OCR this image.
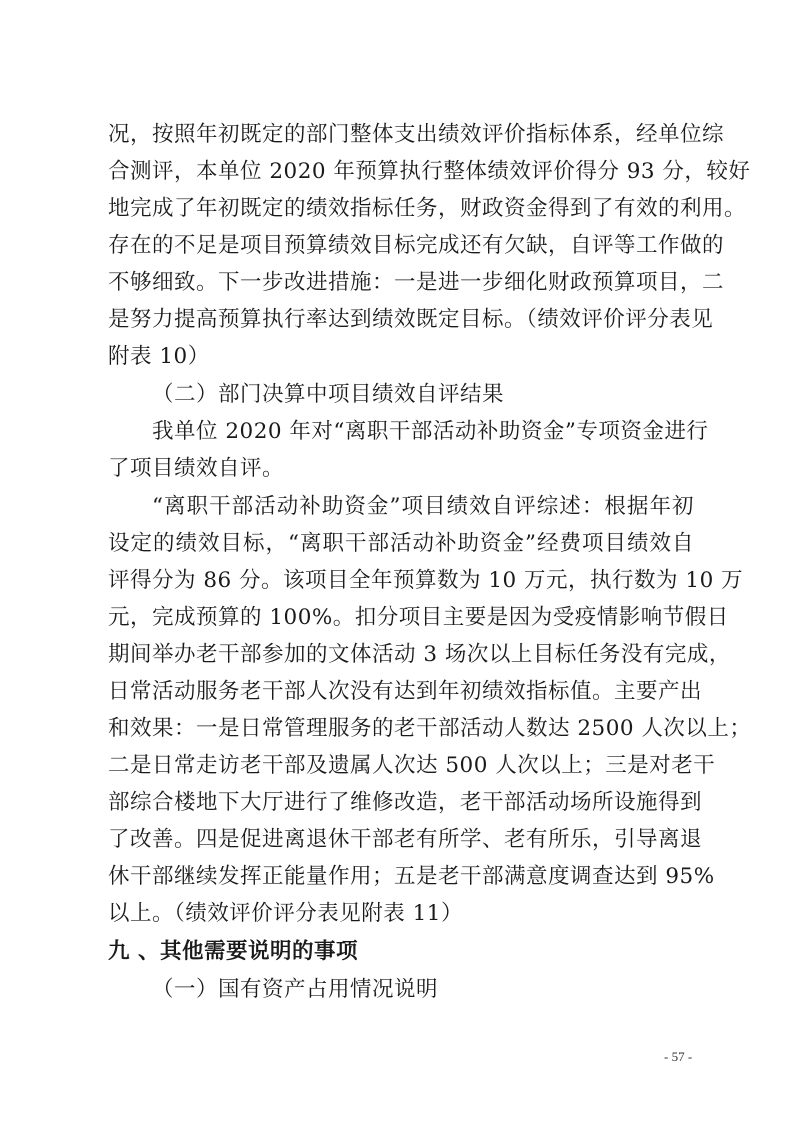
况，按照年初既定的部门整体支出绩效评价指标体系，经单位综
合测评，本单位 2020 年预算执行整体绩效评价得分 93 分，较好
地完成了年初既定的绩效指标任务，财政资金得到了有效的利用。
存在的不足是项目预算绩效目标完成还有欠缺，自评等工作做的
不够细致。下一步改进措施：一是进一步细化财政预算项目，二
是努力提高预算执行率达到绩效既定目标。（绩效评价评分表见
附表 10）
（二）部门决算中项目绩效自评结果
我单位 2020 年对“离职干部活动补助资金”专项资金进行
了项目绩效自评。
“离职干部活动补助资金”项目绩效自评综述：根据年初
设定的绩效目标，“离职干部活动补助资金”经费项目绩效自
评得分为 86 分。该项目全年预算数为 10 万元，执行数为 10 万
元，完成预算的 100%。扣分项目主要是因为受疫情影响节假日
期间举办老干部参加的文体活动 3 场次以上目标任务没有完成，
日常活动服务老干部人次没有达到年初绩效指标值。主要产出
和效果：一是日常管理服务的老干部活动人数达 2500 人次以上；
二是日常走访老干部及遗属人次达 500 人次以上；三是对老干
部综合楼地下大厅进行了维修改造，老干部活动场所设施得到
了改善。四是促进离退休干部老有所学、老有所乐，引导离退
休干部继续发挥正能量作用；五是老干部满意度调查达到 95%
以上。（绩效评价评分表见附表 11）
九 、其他需要说明的事项
（一）国有资产占用情况说明
- 57 -
